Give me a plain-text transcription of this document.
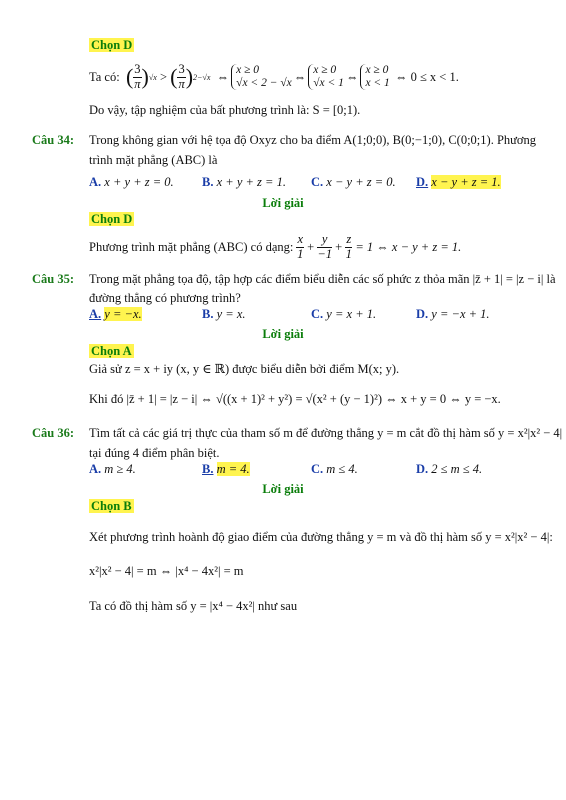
Chọn D
Ta có:
( $\frac{3}{\pi}$ ) √x > ( $\frac{3}{\pi}$ ) 2−√x ⇔ x ≥ 0
√x < 2 − √x ⇔ x ≥ 0
√x < 1 ⇔ x ≥ 0
x < 1
⇔ 0 ≤ x < 1.
Do vậy, tập nghiệm của bất phương trình là: S = [0;1).
Câu 34: Trong không gian với hệ tọa độ Oxyz cho ba điểm A(1;0;0), B(0;−1;0), C(0;0;1). Phương
trình mặt phẳng (ABC) là
A. x + y + z = 0. B. x + y + z = 1. C. x − y + z = 0. D. x − y + z = 1.
Lời giải
Chọn D
Phương trình mặt phẳng (ABC) có dạng:
$\frac{x}{1} + \frac{y}{-1} + \frac{z}{1}$
= 1 ⇔ x − y + z = 1.
Câu 35: Trong mặt phẳng tọa độ, tập hợp các điểm biểu diễn các số phức z thỏa mãn |z̄ + 1| = |z − i| là
đường thẳng có phương trình?
A. y = −x.	B. y = x.	C. y = x + 1.	D. y = −x + 1.
Lời giải
Chọn A
Giả sử z = x + iy (x, y ∈ ℝ) được biểu diễn bởi điểm M(x; y).
Khi đó |z̄ + 1| = |z − i| ⇔ √((x + 1)² + y²) = √(x² + (y − 1)²) ⇔ x + y = 0 ⇔ y = −x.
Câu 36: Tìm tất cả các giá trị thực của tham số m để đường thẳng y = m cắt đồ thị hàm số y = x²|x² − 4|
tại đúng 4 điểm phân biệt.
A. m ≥ 4.	B. m = 4.	C. m ≤ 4.	D. 2 ≤ m ≤ 4.
Lời giải
Chọn B
Xét phương trình hoành độ giao điểm của đường thẳng y = m và đồ thị hàm số y = x²|x² − 4|:
x²|x² − 4| = m ⇔ |x⁴ − 4x²| = m
Ta có đồ thị hàm số y = |x⁴ − 4x²| như sau
